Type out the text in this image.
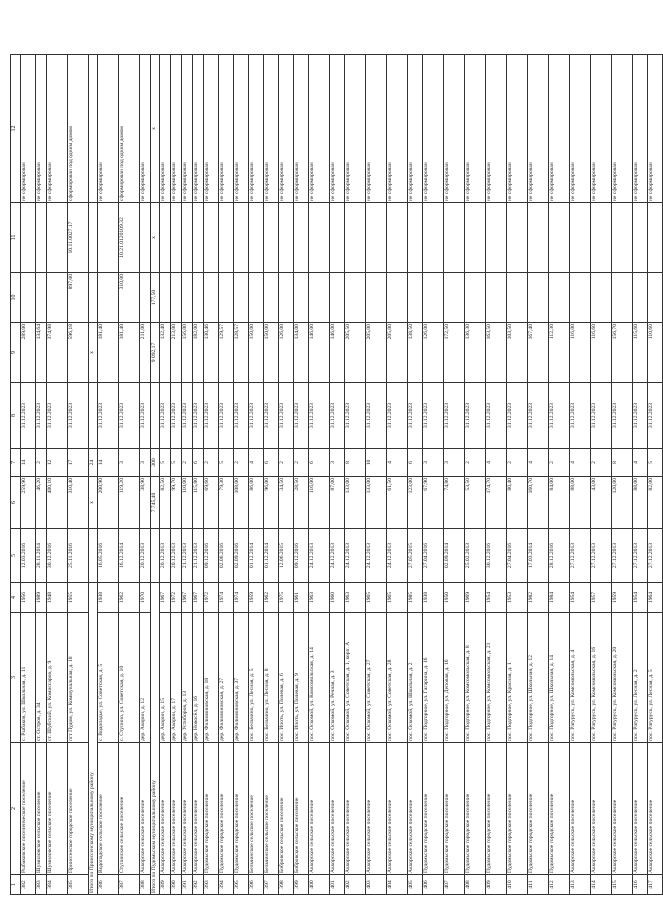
1	2	3	4	5	6	7	8	9	10	11	12
382	Рыбаковское поселенческое поселение	с. Рыбаков, ул. Школьная, д. 11	1956	12.03.2016	259,90	14	31.12.2023	289,00			не сформирован
383	Шумиловское сельское поселение	ст. Остров, д. 34	1989	28.11.2014	46,20	2	31.12.2023	134,64			не сформирован
384	Шумиловское сельское поселение	ст. Шубский, ул. Комиссаров, д. 9	1948	30.12.2016	480,10	12	31.12.2023	374,98			не сформирован
385	Прииссенское городское поселение	пгт Пудом, ул. Коммунальная, д. 18	1955	25.11.2016	310,40	17	31.12.2023	596,18	897,00	10.11.0027.17	сформирован под одним домом
Итого по Прииссенскому муниципальному району					x	24		x			
386	Водопадское сельское поселение	с. Водопадье, ул. Советская, д. 5	1938	16.05.2016	200,90	14	31.12.2023	181,40			не сформирован
387	Ступинское сельское поселение	с. Ступино, ул. Советская, д. 10	1962	16.12.2014	119,20	3	31.12.2023	181,40	310,00	10.21.0120109.32	сформирован под одним домом
388	Аккорское сельское поселение	дер. Акорин, д. 12	1970	20.12.2013	38,90	3	31.12.2023	211,00			не сформирован
Итого по Пудомьском муниципальному району					7 745,40	300		9 092,17	177,50	x	x
389	Аккорское сельское поселение	дер. Акорин, д. 15	1967	20.12.2013	82,50	5	31.12.2023	132,40			не сформирован
390	Аккорское сельское поселение	дер. Акорин, д. 17	1972	20.12.2013	99,70	5	31.12.2023	213,00			не сформирован
391	Аккорское сельское поселение	дер. Устиборов, д. 13	1967	21.12.2013	110,00	2	31.12.2023	156,00			не сформирован
392	Аккорское сельское поселение	дер. Новосёл, д. 16	1967	21.12.2013	115,80	6	31.12.2023	182,00			не сформирован
393	Пудомьское городское поселение	дер. Филимоновская, д. 18	1972	09.12.2016	69,60	2	31.12.2023	130,46			не сформирован
394	Пудомьское городское поселение	дер. Филимоновская, д. 27	1974	02.06.2016	79,30	5	31.12.2023	129,57			не сформирован
395	Пудомьское городское поселение	дер. Филимоновская, д. 37	1974	02.09.2016	108,00	2	31.12.2023	128,57			не сформирован
396	Бельчинское сельское поселение	пос. Бельчино, ул. Лесная, д. 5	1959	01.12.2014	86,00	4	31.12.2023	150,00			не сформирован
397	Бельчинское сельское поселение	пос. Бельчино, ул. Лесная, д. 8	1962	01.12.2014	96,00	6	31.12.2023	150,00			не сформирован
398	Бобровское сельское поселение	пос. Ипоть, ул. Полевая, д. 6	1975	12.06.2015	34,50	2	31.12.2023	126,00			не сформирован
399	Бобровское сельское поселение	пос. Ипоть, ул. Полевая, д. 9	1961	09.12.2016	28,50	2	31.12.2023	134,00			не сформирован
400	Аккорское сельское поселение	пос. Оскомой, ул. Комсомольская, д. 14	1963	24.12.2013	116,00	6	31.12.2023	146,00			не сформирован
401	Аккорское сельское поселение	пос. Оскомой, ул. Речная, д. 3	1960	24.12.2013	87,00	3	31.12.2023	146,00			не сформирован
402	Аккорское сельское поселение	пос. Оскомой, ул. Советская, д. 1, корп. А	1963	24.12.2013	133,00	8	31.12.2023	205,50			не сформирован
403	Аккорское сельское поселение	пос. Оскомой, ул. Советская, д. 27	1965	24.12.2013	133,00	10	31.12.2023	205,00			не сформирован
404	Аккорское сельское поселение	пос. Оскомой, ул. Советская, д. 28	1965	24.12.2013	61,50	4	31.12.2023	205,00			не сформирован
405	Аккорское сельское поселение	пос. Оскомой, ул. Школьная, д. 2	1985	27.05.2015	123,00	6	31.12.2023	138,50			не сформирован
406	Пудомьское городское поселение	пос. Подгорное, ул. Гагарина, д. 16	1938	27.04.2016	67,90	3	31.12.2023	126,00			не сформирован
407	Пудомьское городское поселение	пос. Подгорное, ул. Деповая, д. 16	1950	02.09.2014	74,80	3	31.12.2023	172,50			не сформирован
408	Пудомьское городское поселение	пос. Подгорное, ул. Комсомольская, д. 8	1969	25.02.2013	53,50	2	31.12.2023	136,30			не сформирован
409	Пудомьское городское поселение	пос. Подгорное, ул. Комсомольская, д. 21	1954	30.12.2016	174,70	4	31.12.2023	163,50			не сформирован
410	Пудомьское городское поселение	пос. Подгорное, ул. Красная, д. 1	1953	27.04.2016	80,40	2	31.12.2023	103,50			не сформирован
411	Пудомьское городское поселение	пос. Подгорное, ул. Школьная, д. 12	1982	17.03.2014	160,70	4	31.12.2023	167,40			не сформирован
412	Пудомьское городское поселение	пос. Подгорное, ул. Школьная, д. 14	1984	28.12.2016	84,00	2	31.12.2023	112,30			не сформирован
413	Аккорское сельское поселение	пос. Ратуруск, ул. Комсомольская, д. 4	1954	27.12.2013	88,00	4	31.12.2023	116,00			не сформирован
414	Аккорское сельское поселение	пос. Ратуруск, ул. Комсомольская, д. 16	1957	27.12.2013	43,00	2	31.12.2023	116,60			не сформирован
415	Аккорское сельское поселение	пос. Ратуруск, ул. Комсомольская, д. 20	1959	27.12.2013	120,00	8	31.12.2023	156,70			не сформирован
416	Аккорское сельское поселение	пос. Ратуруск, ул. Лесная, д. 2	1954	27.12.2013	88,00	4	31.12.2023	115,60			не сформирован
417	Аккорское сельское поселение	пос. Ратуруск, ул. Лесная, д. 5	1964	27.12.2013	82,00	5	31.12.2023	110,60			не сформирован
